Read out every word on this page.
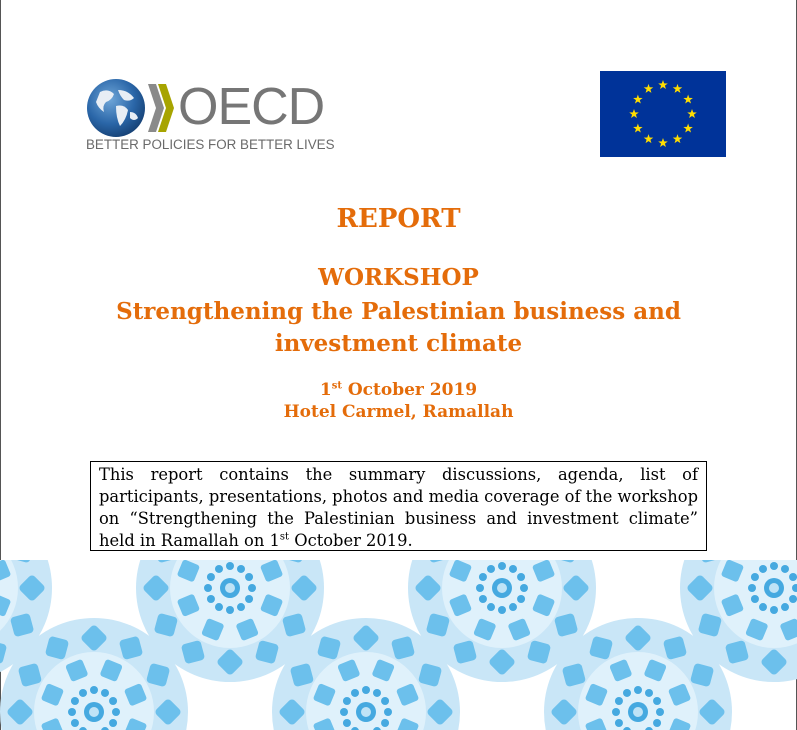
OECD
BETTER POLICIES FOR BETTER LIVES
REPORT
WORKSHOP
Strengthening the Palestinian business and
investment climate
1st October 2019
Hotel Carmel, Ramallah
This report contains the summary discussions, agenda, list of participants, presentations, photos and media coverage of the workshop on “Strengthening the Palestinian business and investment climate” held in Ramallah on 1st October 2019.
